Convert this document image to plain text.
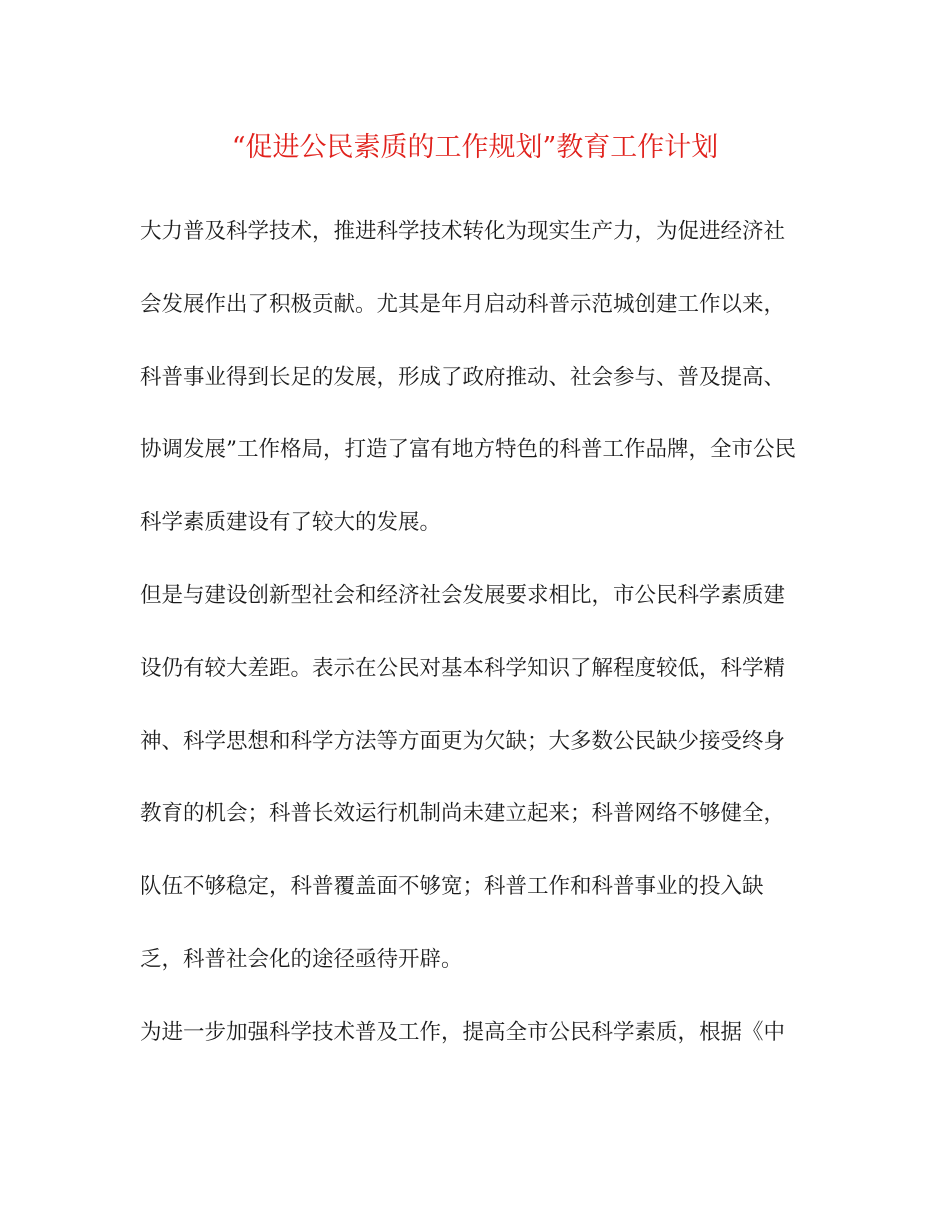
“促进公民素质的工作规划”教育工作计划

大力普及科学技术，推进科学技术转化为现实生产力，为促进经济社

会发展作出了积极贡献。尤其是年月启动科普示范城创建工作以来，

科普事业得到长足的发展，形成了政府推动、社会参与、普及提高、

协调发展”工作格局，打造了富有地方特色的科普工作品牌，全市公民

科学素质建设有了较大的发展。

但是与建设创新型社会和经济社会发展要求相比，市公民科学素质建

设仍有较大差距。表示在公民对基本科学知识了解程度较低，科学精

神、科学思想和科学方法等方面更为欠缺；大多数公民缺少接受终身

教育的机会；科普长效运行机制尚未建立起来；科普网络不够健全，

队伍不够稳定，科普覆盖面不够宽；科普工作和科普事业的投入缺

乏，科普社会化的途径亟待开辟。

为进一步加强科学技术普及工作，提高全市公民科学素质，根据《中
